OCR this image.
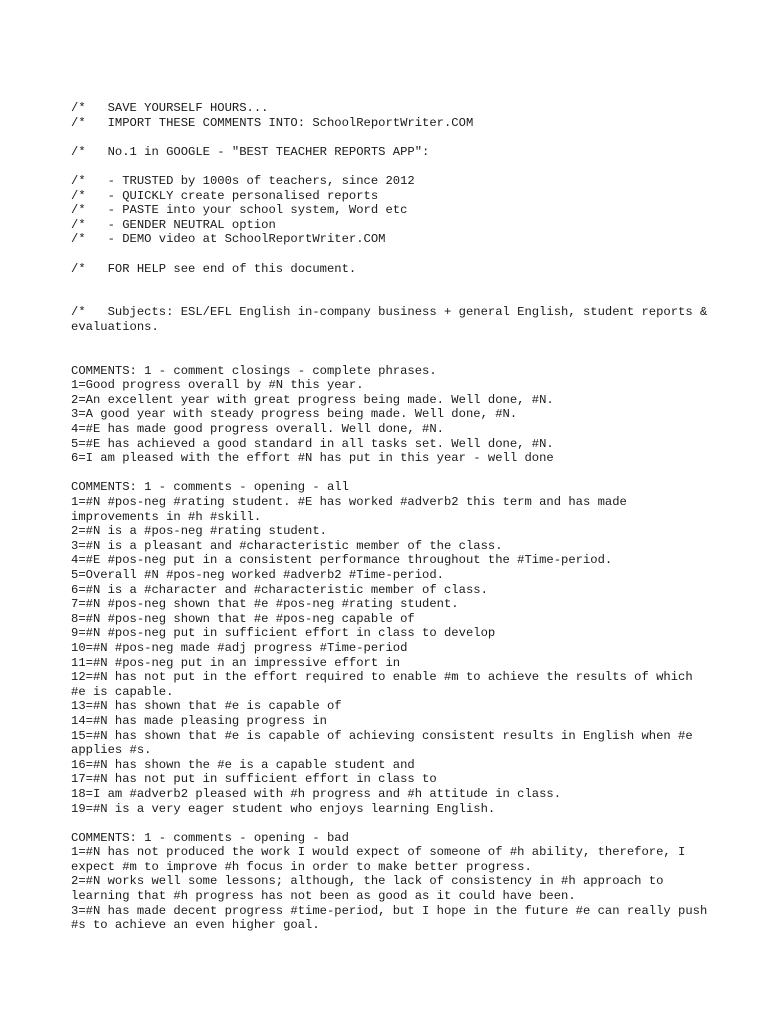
/*   SAVE YOURSELF HOURS...
/*   IMPORT THESE COMMENTS INTO: SchoolReportWriter.COM
/*   No.1 in GOOGLE - "BEST TEACHER REPORTS APP":
/*   - TRUSTED by 1000s of teachers, since 2012
/*   - QUICKLY create personalised reports
/*   - PASTE into your school system, Word etc
/*   - GENDER NEUTRAL option
/*   - DEMO video at SchoolReportWriter.COM
/*   FOR HELP see end of this document.
/*   Subjects: ESL/EFL English in-company business + general English, student reports & evaluations.
COMMENTS: 1 - comment closings - complete phrases.
1=Good progress overall by #N this year.
2=An excellent year with great progress being made. Well done, #N.
3=A good year with steady progress being made. Well done, #N.
4=#E has made good progress overall. Well done, #N.
5=#E has achieved a good standard in all tasks set. Well done, #N.
6=I am pleased with the effort #N has put in this year - well done
COMMENTS: 1 - comments - opening - all
1=#N #pos-neg #rating student. #E has worked #adverb2 this term and has made improvements in #h #skill.
2=#N is a #pos-neg #rating student.
3=#N is a pleasant and #characteristic member of the class.
4=#E #pos-neg put in a consistent performance throughout the #Time-period.
5=Overall #N #pos-neg worked #adverb2 #Time-period.
6=#N is a #character and #characteristic member of class.
7=#N #pos-neg shown that #e #pos-neg #rating student.
8=#N #pos-neg shown that #e #pos-neg capable of
9=#N #pos-neg put in sufficient effort in class to develop
10=#N #pos-neg made #adj progress #Time-period
11=#N #pos-neg put in an impressive effort in
12=#N has not put in the effort required to enable #m to achieve the results of which #e is capable.
13=#N has shown that #e is capable of
14=#N has made pleasing progress in
15=#N has shown that #e is capable of achieving consistent results in English when #e applies #s.
16=#N has shown the #e is a capable student and
17=#N has not put in sufficient effort in class to
18=I am #adverb2 pleased with #h progress and #h attitude in class.
19=#N is a very eager student who enjoys learning English.
COMMENTS: 1 - comments - opening - bad
1=#N has not produced the work I would expect of someone of #h ability, therefore, I expect #m to improve #h focus in order to make better progress.
2=#N works well some lessons; although, the lack of consistency in #h approach to learning that #h progress has not been as good as it could have been.
3=#N has made decent progress #time-period, but I hope in the future #e can really push #s to achieve an even higher goal.
